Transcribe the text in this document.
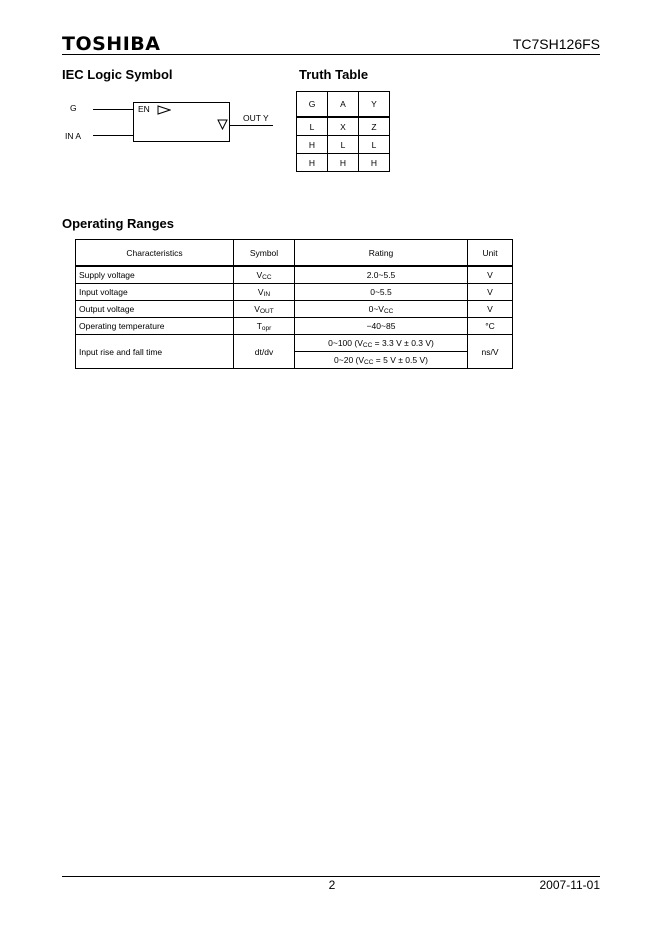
TOSHIBA	TC7SH126FS
IEC Logic Symbol
G
IN A
EN
OUT Y
Truth Table
G	A	Y
L	X	Z
H	L	L
H	H	H
Operating Ranges
Characteristics	Symbol	Rating	Unit
Supply voltage	$V_{CC}$	2.0~5.5	V
Input voltage	$V_{IN}$	0~5.5	V
Output voltage	$V_{OUT}$	$0\sim V_{CC}$	V
Operating temperature	$T_{opr}$	−40~85	°C
Input rise and fall time	dt/dv	0~100 ($V_{CC} = 3.3$ V ± 0.3 V)	ns/V
		0~20 ($V_{CC} = 5$ V ± 0.5 V)	
2	2007-11-01
